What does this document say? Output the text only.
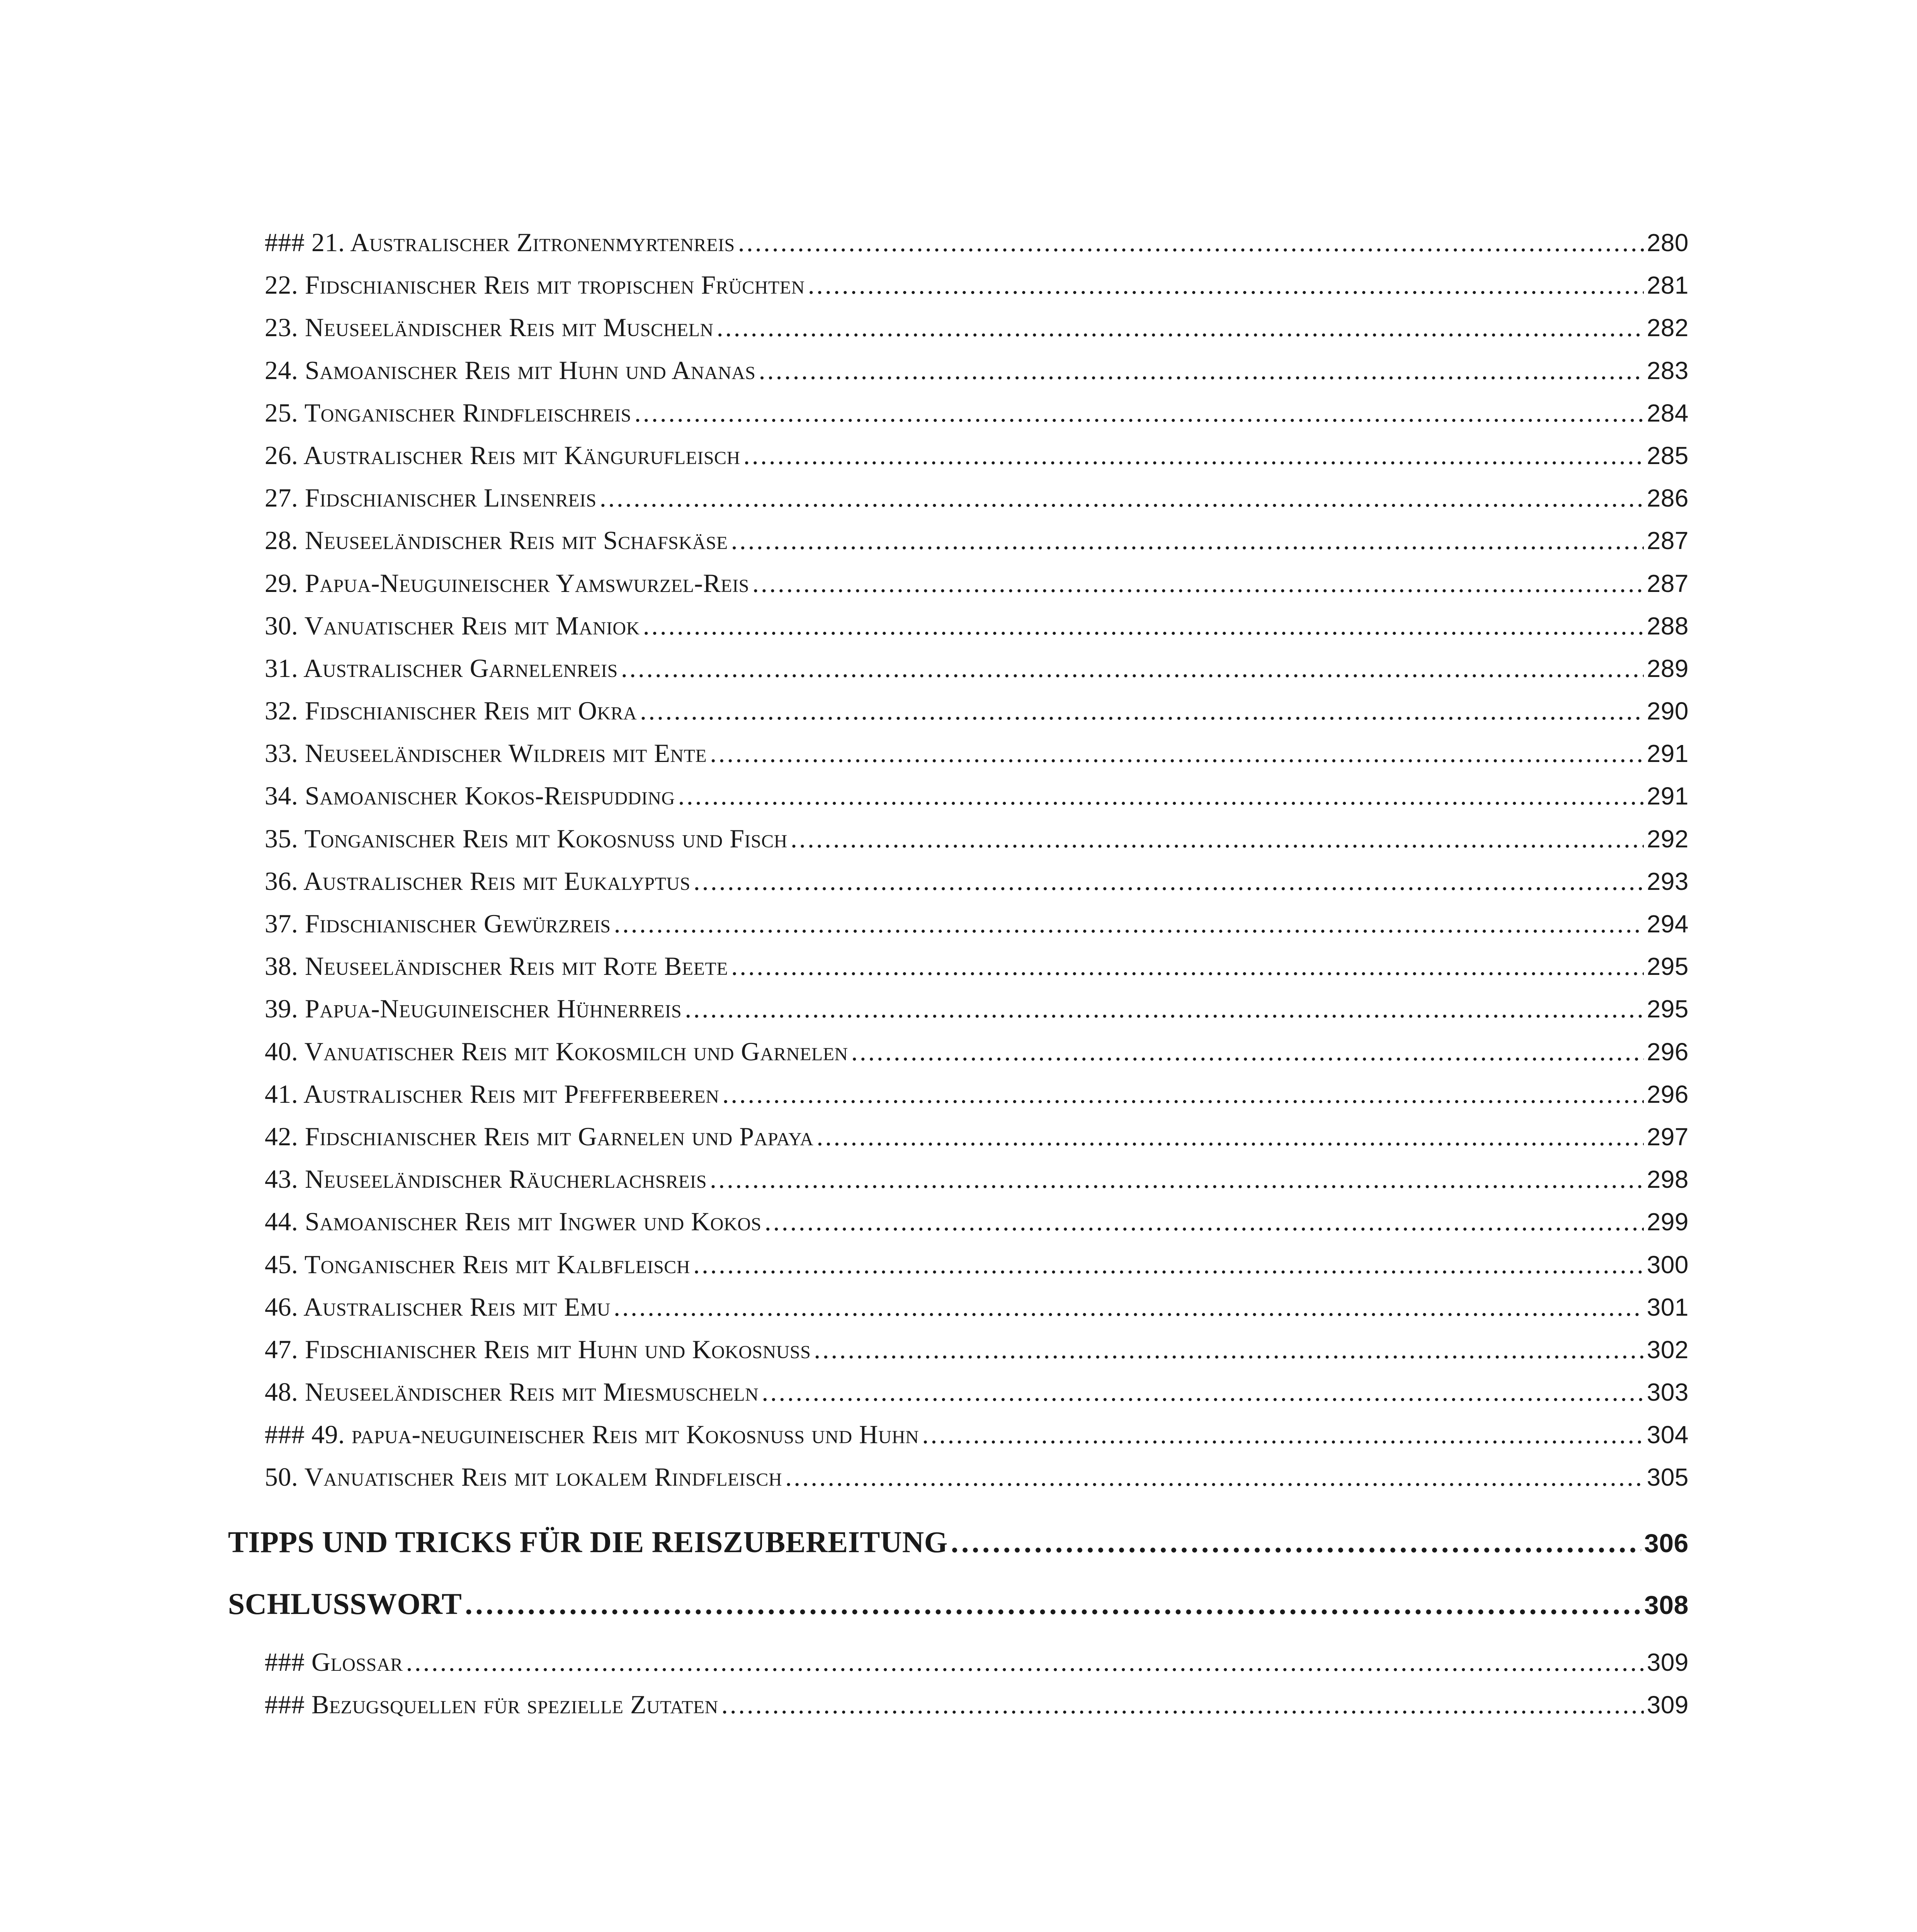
### 21. Australischer Zitronenmyrtenreis . . .	280
22. Fidschianischer Reis mit tropischen Früchten . . .	281
23. Neuseeländischer Reis mit Muscheln . . .	282
24. Samoanischer Reis mit Huhn und Ananas . . .	283
25. Tonganischer Rindfleischreis . . .	284
26. Australischer Reis mit Kängurufleisch . . .	285
27. Fidschianischer Linsenreis . . .	286
28. Neuseeländischer Reis mit Schafskäse . . .	287
29. Papua-Neuguineischer Yamswurzel-Reis . . .	287
30. Vanuatischer Reis mit Maniok . . .	288
31. Australischer Garnelenreis . . .	289
32. Fidschianischer Reis mit Okra . . .	290
33. Neuseeländischer Wildreis mit Ente . . .	291
34. Samoanischer Kokos-Reispudding . . .	291
35. Tonganischer Reis mit Kokosnuss und Fisch . . .	292
36. Australischer Reis mit Eukalyptus . . .	293
37. Fidschianischer Gewürzreis . . .	294
38. Neuseeländischer Reis mit Rote Beete . . .	295
39. Papua-Neuguineischer Hühnerreis . . .	295
40. Vanuatischer Reis mit Kokosmilch und Garnelen . . .	296
41. Australischer Reis mit Pfefferbeeren . . .	296
42. Fidschianischer Reis mit Garnelen und Papaya . . .	297
43. Neuseeländischer Räucherlachsreis . . .	298
44. Samoanischer Reis mit Ingwer und Kokos . . .	299
45. Tonganischer Reis mit Kalbfleisch . . .	300
46. Australischer Reis mit Emu . . .	301
47. Fidschianischer Reis mit Huhn und Kokosnuss . . .	302
48. Neuseeländischer Reis mit Miesmuscheln . . .	303
### 49. papua-neuguineischer Reis mit Kokosnuss und Huhn . . .	304
50. Vanuatischer Reis mit lokalem Rindfleisch . . .	305
TIPPS UND TRICKS FÜR DIE REISZUBEREITUNG . . .	306
SCHLUSSWORT . . .	308
### Glossar . . .	309
### Bezugsquellen für spezielle Zutaten . . .	309
